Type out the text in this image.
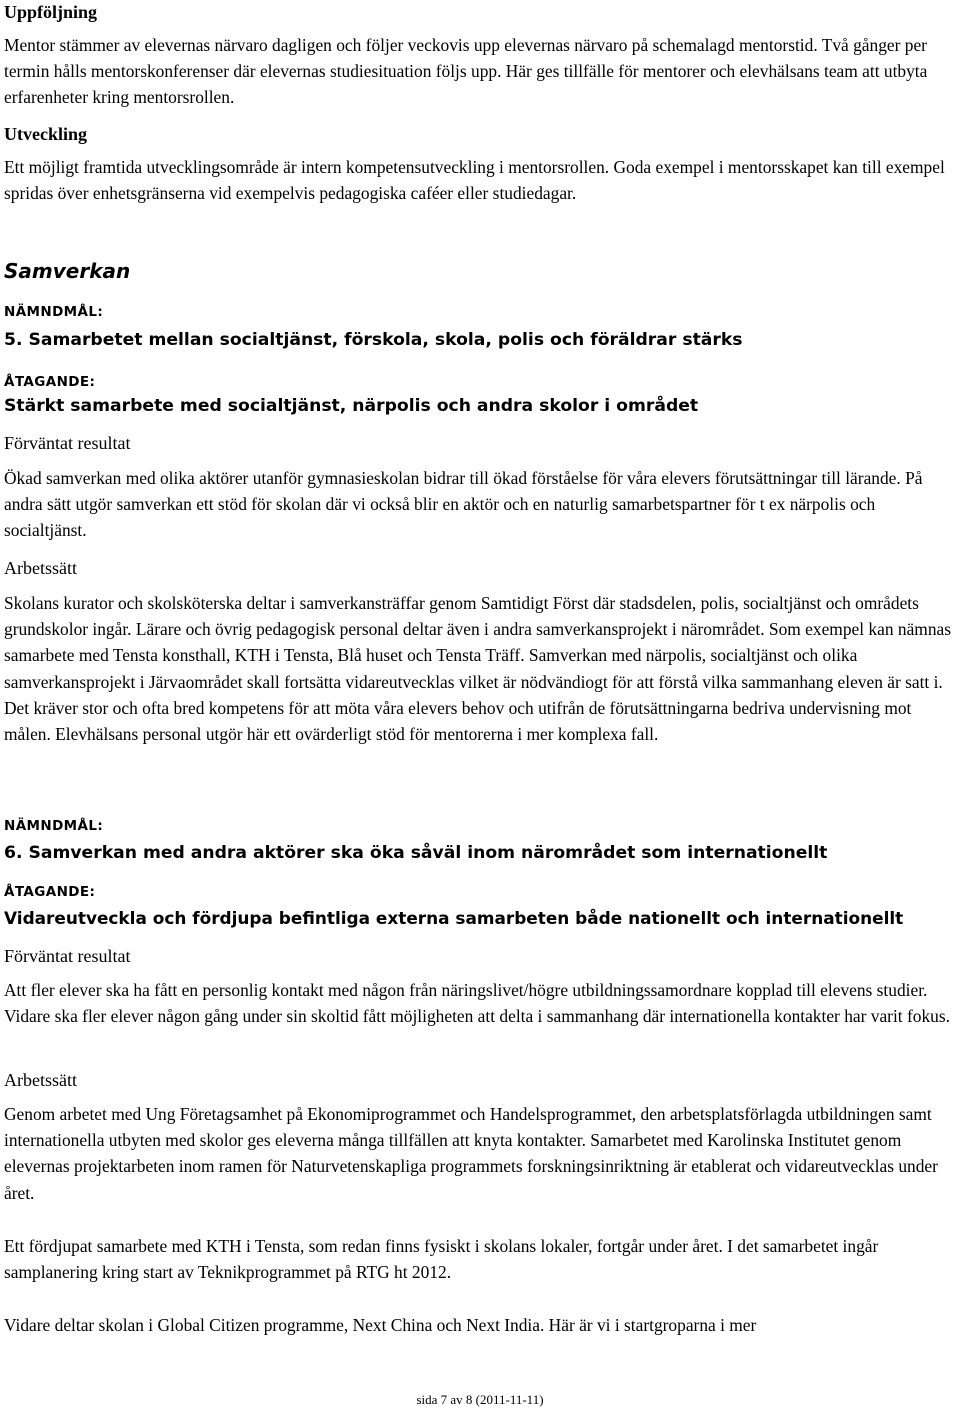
Uppföljning

Mentor stämmer av elevernas närvaro dagligen och följer veckovis upp elevernas närvaro på schemalagd mentorstid. Två gånger per termin hålls mentorskonferenser där elevernas studiesituation följs upp. Här ges tillfälle för mentorer och elevhälsans team att utbyta erfarenheter kring mentorsrollen.

Utveckling

Ett möjligt framtida utvecklingsområde är intern kompetensutveckling i mentorsrollen. Goda exempel i mentorsskapet kan till exempel spridas över enhetsgränserna vid exempelvis pedagogiska caféer eller studiedagar.

Samverkan
NÄMNDMÅL:
5. Samarbetet mellan socialtjänst, förskola, skola, polis och föräldrar stärks
ÅTAGANDE:
Stärkt samarbete med socialtjänst, närpolis och andra skolor i området
Förväntat resultat

Ökad samverkan med olika aktörer utanför gymnasieskolan bidrar till ökad förståelse för våra elevers förutsättningar till lärande. På andra sätt utgör samverkan ett stöd för skolan där vi också blir en aktör och en naturlig samarbetspartner för t ex närpolis och socialtjänst.

Arbetssätt

Skolans kurator och skolsköterska deltar i samverkansträffar genom Samtidigt Först där stadsdelen, polis, socialtjänst och områdets grundskolor ingår. Lärare och övrig pedagogisk personal deltar även i andra samverkansprojekt i närområdet. Som exempel kan nämnas samarbete med Tensta konsthall, KTH i Tensta, Blå huset och Tensta Träff. Samverkan med närpolis, socialtjänst och olika samverkansprojekt i Järvaområdet skall fortsätta vidareutvecklas vilket är nödvändiogt för att förstå vilka sammanhang eleven är satt i. Det kräver stor och ofta bred kompetens för att möta våra elevers behov och utifrån de förutsättningarna bedriva undervisning mot målen. Elevhälsans personal utgör här ett ovärderligt stöd för mentorerna i mer komplexa fall.

NÄMNDMÅL:
6. Samverkan med andra aktörer ska öka såväl inom närområdet som internationellt
ÅTAGANDE:
Vidareutveckla och fördjupa befintliga externa samarbeten både nationellt och internationellt
Förväntat resultat

Att fler elever ska ha fått en personlig kontakt med någon från näringslivet/högre utbildningssamordnare kopplad till elevens studier. Vidare ska fler elever någon gång under sin skoltid fått möjligheten att delta i sammanhang där internationella kontakter har varit fokus.

Arbetssätt

Genom arbetet med Ung Företagsamhet på Ekonomiprogrammet och Handelsprogrammet, den arbetsplatsförlagda utbildningen samt internationella utbyten med skolor ges eleverna många tillfällen att knyta kontakter. Samarbetet med Karolinska Institutet genom elevernas projektarbeten inom ramen för Naturvetenskapliga programmets forskningsinriktning är etablerat och vidareutvecklas under året.

Ett fördjupat samarbete med KTH i Tensta, som redan finns fysiskt i skolans lokaler, fortgår under året. I det samarbetet ingår samplanering kring start av Teknikprogrammet på RTG ht 2012.

Vidare deltar skolan i Global Citizen programme, Next China och Next India. Här är vi i startgroparna i mer

sida 7 av 8 (2011-11-11)
